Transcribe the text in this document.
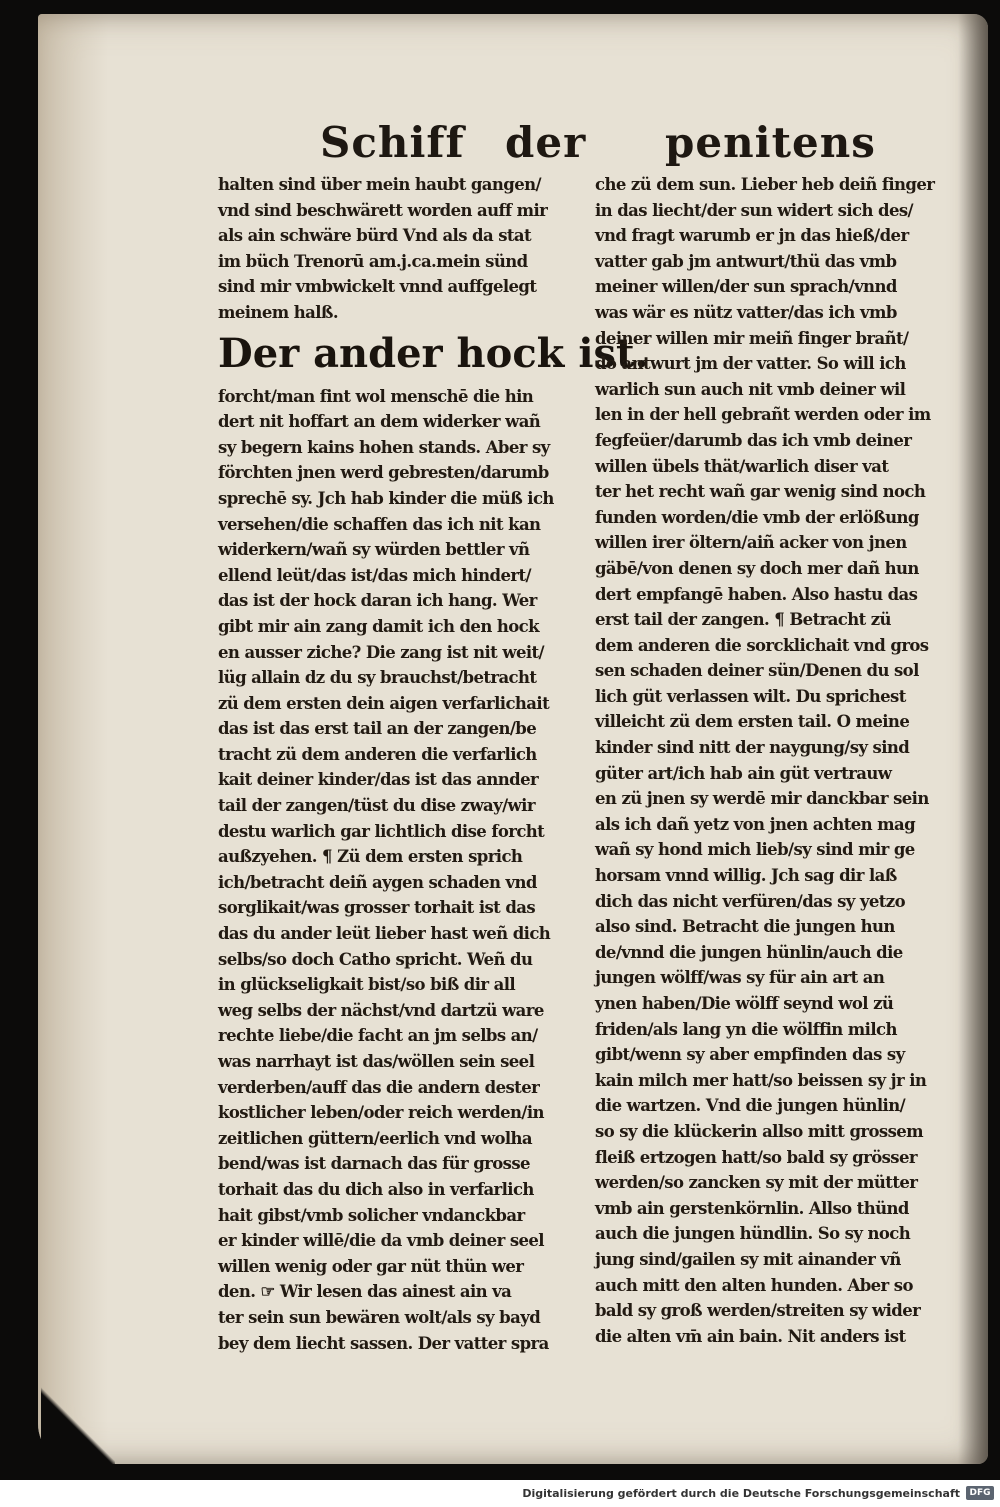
Schiff der penitens
halten sind über mein haubt gangen/
vnd sind beschwärett worden auff mir
als ain schwäre bürd Vnd als da stat
im büch Trenorū am.j.ca.mein sünd
sind mir vmbwickelt vnnd auffgelegt
meinem halß.
Der ander hock ist.
forcht/man fint wol menschē die hin
dert nit hoffart an dem widerker wañ
sy begern kains hohen stands. Aber sy
förchten jnen werd gebresten/darumb
sprechē sy. Jch hab kinder die müß ich
versehen/die schaffen das ich nit kan
widerkern/wañ sy würden bettler vñ
ellend leüt/das ist/das mich hindert/
das ist der hock daran ich hang. Wer
gibt mir ain zang damit ich den hock
en ausser ziche? Die zang ist nit weit/
lüg allain dz du sy brauchst/betracht
zü dem ersten dein aigen verfarlichait
das ist das erst tail an der zangen/be
tracht zü dem anderen die verfarlich
kait deiner kinder/das ist das annder
tail der zangen/tüst du dise zway/wir
destu warlich gar lichtlich dise forcht
außzyehen. ¶ Zü dem ersten sprich
ich/betracht deiñ aygen schaden vnd
sorglikait/was grosser torhait ist das
das du ander leüt lieber hast weñ dich
selbs/so doch Catho spricht. Weñ du
in glückseligkait bist/so biß dir all
weg selbs der nächst/vnd dartzü ware
rechte liebe/die facht an jm selbs an/
was narrhayt ist das/wöllen sein seel
verderben/auff das die andern dester
kostlicher leben/oder reich werden/in
zeitlichen güttern/eerlich vnd wolha
bend/was ist darnach das für grosse
torhait das du dich also in verfarlich
hait gibst/vmb solicher vndanckbar
er kinder willē/die da vmb deiner seel
willen wenig oder gar nüt thün wer
den. ☞ Wir lesen das ainest ain va
ter sein sun bewären wolt/als sy bayd
bey dem liecht sassen. Der vatter spra
che zü dem sun. Lieber heb deiñ finger
in das liecht/der sun widert sich des/
vnd fragt warumb er jn das hieß/der
vatter gab jm antwurt/thü das vmb
meiner willen/der sun sprach/vnnd
was wär es nütz vatter/das ich vmb
deiner willen mir meiñ finger brañt/
do antwurt jm der vatter. So will ich
warlich sun auch nit vmb deiner wil
len in der hell gebrañt werden oder im
fegfeüer/darumb das ich vmb deiner
willen übels thät/warlich diser vat
ter het recht wañ gar wenig sind noch
funden worden/die vmb der erlößung
willen irer öltern/aiñ acker von jnen
gäbē/von denen sy doch mer dañ hun
dert empfangē haben. Also hastu das
erst tail der zangen. ¶ Betracht zü
dem anderen die sorcklichait vnd gros
sen schaden deiner sün/Denen du sol
lich güt verlassen wilt. Du sprichest
villeicht zü dem ersten tail. O meine
kinder sind nitt der naygung/sy sind
güter art/ich hab ain güt vertrauw
en zü jnen sy werdē mir danckbar sein
als ich dañ yetz von jnen achten mag
wañ sy hond mich lieb/sy sind mir ge
horsam vnnd willig. Jch sag dir laß
dich das nicht verfüren/das sy yetzo
also sind. Betracht die jungen hun
de/vnnd die jungen hünlin/auch die
jungen wölff/was sy für ain art an
ynen haben/Die wölff seynd wol zü
friden/als lang yn die wölffin milch
gibt/wenn sy aber empfinden das sy
kain milch mer hatt/so beissen sy jr in
die wartzen. Vnd die jungen hünlin/
so sy die klückerin allso mitt grossem
fleiß ertzogen hatt/so bald sy grösser
werden/so zancken sy mit der mütter
vmb ain gerstenkörnlin. Allso thünd
auch die jungen hündlin. So sy noch
jung sind/gailen sy mit ainander vñ
auch mitt den alten hunden. Aber so
bald sy groß werden/streiten sy wider
die alten vm̄ ain bain. Nit anders ist
Digitalisierung gefördert durch die Deutsche Forschungsgemeinschaft	DFG
